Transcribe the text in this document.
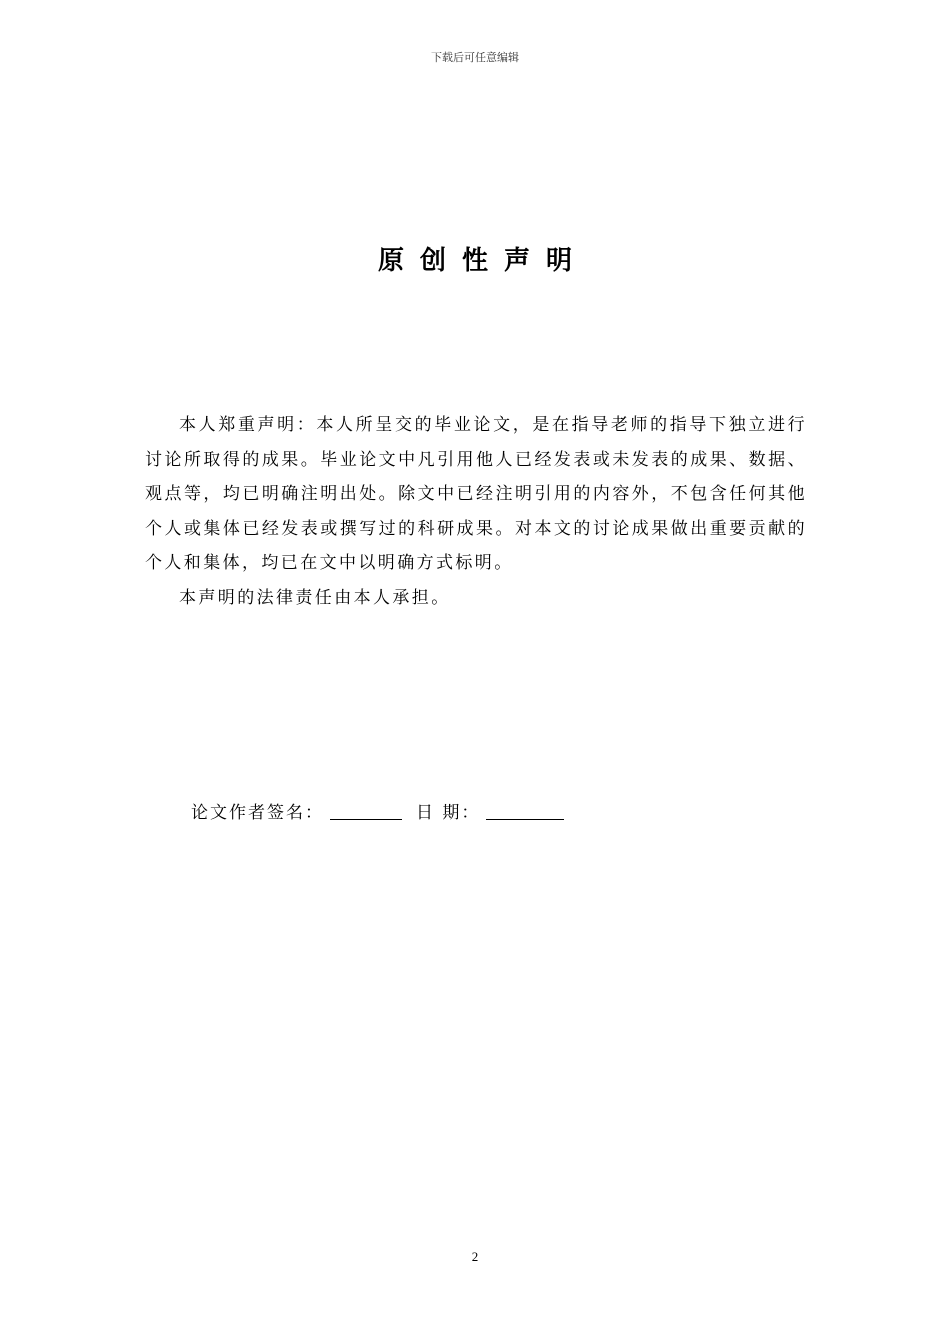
下载后可任意编辑
原创性声明

本人郑重声明：本人所呈交的毕业论文，是在指导老师的指导下独立进行讨论所取得的成果。毕业论文中凡引用他人已经发表或未发表的成果、数据、观点等，均已明确注明出处。除文中已经注明引用的内容外，不包含任何其他个人或集体已经发表或撰写过的科研成果。对本文的讨论成果做出重要贡献的个人和集体，均已在文中以明确方式标明。

本声明的法律责任由本人承担。

论文作者签名：	日 期：
2
